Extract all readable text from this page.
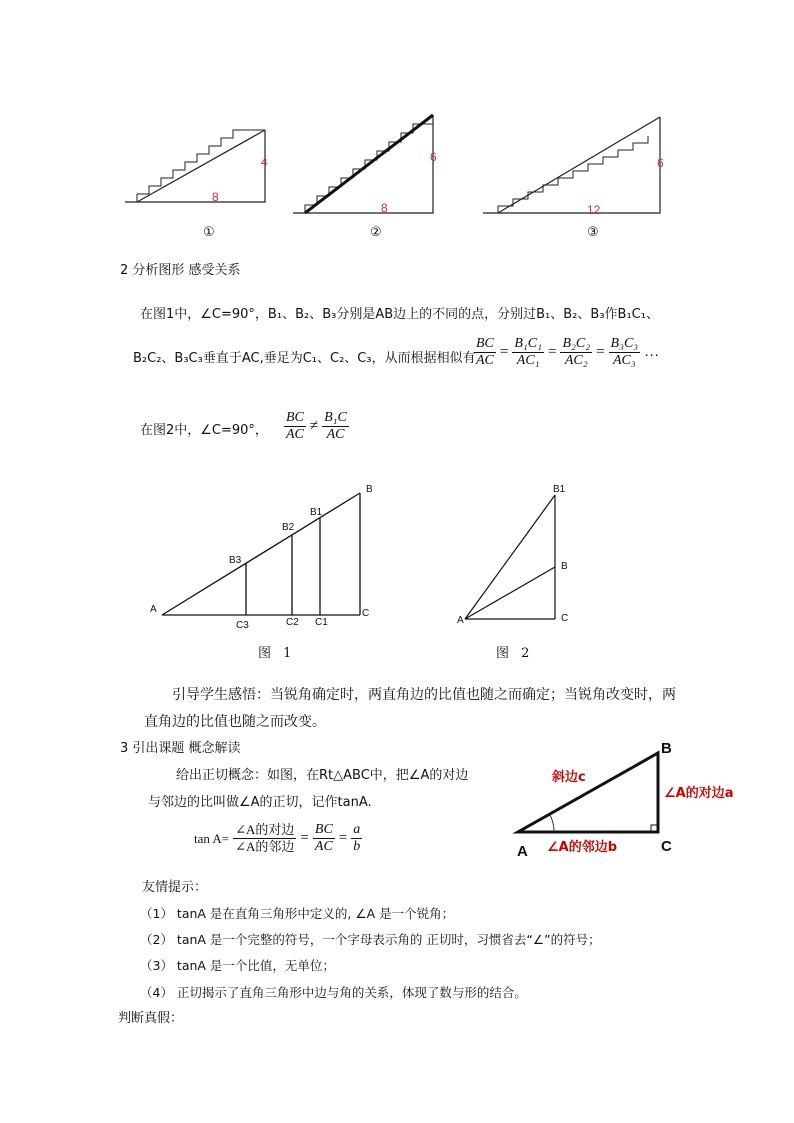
4
8
①
6
8
②
6
12
③
2 分析图形 感受关系
在图1中，∠C=90°，B₁、B₂、B₃分别是AB边上的不同的点，分别过B₁、B₂、B₃作B₁C₁、
B₂C₂、B₃C₃垂直于AC,垂足为C₁、C₂、C₃，从而根据相似有
$\frac{BC}{AC} = \frac{\text{B₁C₁}}{\text{AC₁}} = \frac{\text{B₂C₂}}{\text{AC₂}} = \frac{\text{B₃C₃}}{\text{AC₃}}$ …
在图2中，∠C=90°， $\frac{BC}{AC} \ne \frac{\text{B₁C}}{AC}$
A
B
B1
B2
B3
C
C1
C2
C3
图 1
A
B1
B
C
图 2
引导学生感悟：当锐角确定时，两直角边的比值也随之而确定；当锐角改变时，两
直角边的比值也随之而改变。
3 引出课题 概念解读
给出正切概念：如图，在Rt△ABC中，把∠A的对边
与邻边的比叫做∠A的正切，记作tanA.
$\tan A= \frac{\text{∠A的对边}}{\text{∠A的邻边}} = \frac{BC}{AC} = \frac{a}{b}$	A
B
C
斜边c
∠A的对边a
∠A的邻边b
友情提示：
（1） tanA 是在直角三角形中定义的, ∠A 是一个锐角；
（2） tanA 是一个完整的符号，一个字母表示角的 正切时，习惯省去“∠”的符号；
（3） tanA 是一个比值，无单位；
（4） 正切揭示了直角三角形中边与角的关系，体现了数与形的结合。
判断真假：
